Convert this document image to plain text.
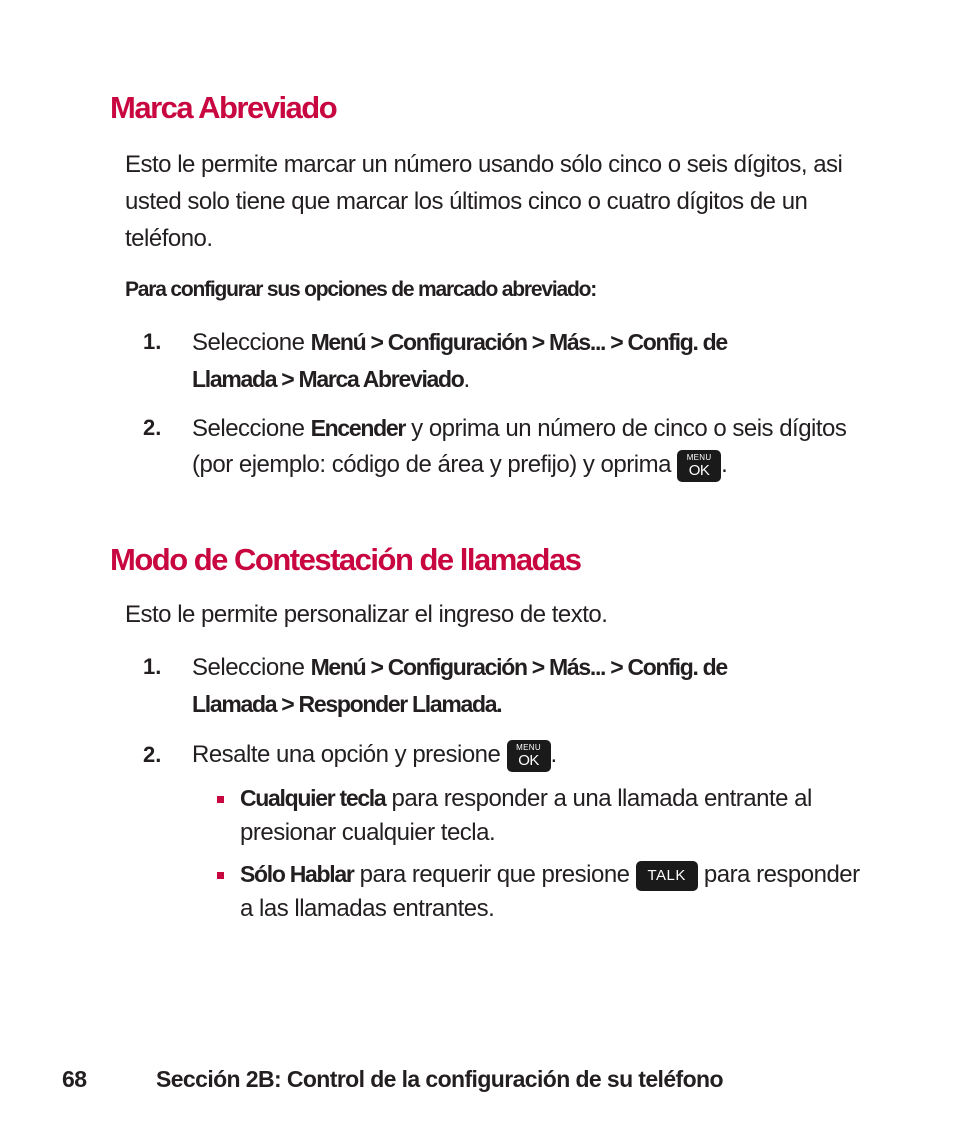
Marca Abreviado
Esto le permite marcar un número usando sólo cinco o seis dígitos, asi usted solo tiene que marcar los últimos cinco o cuatro dígitos de un teléfono.
Para configurar sus opciones de marcado abreviado:
1. Seleccione Menú > Configuración > Más... > Config. de
Llamada > Marca Abreviado.
2. Seleccione Encender y oprima un número de cinco o seis dígitos (por ejemplo: código de área y prefijo) y oprima	MENU
OK .
Modo de Contestación de llamadas
Esto le permite personalizar el ingreso de texto.
1. Seleccione Menú > Configuración > Más... > Config. de
Llamada > Responder Llamada.
2. Resalte una opción y presione	MENU
OK .
Cualquier tecla para responder a una llamada entrante al presionar cualquier tecla.
Sólo Hablar para requerir que presione TALK para responder a las llamadas entrantes.
68	Sección 2B: Control de la configuración de su teléfono
